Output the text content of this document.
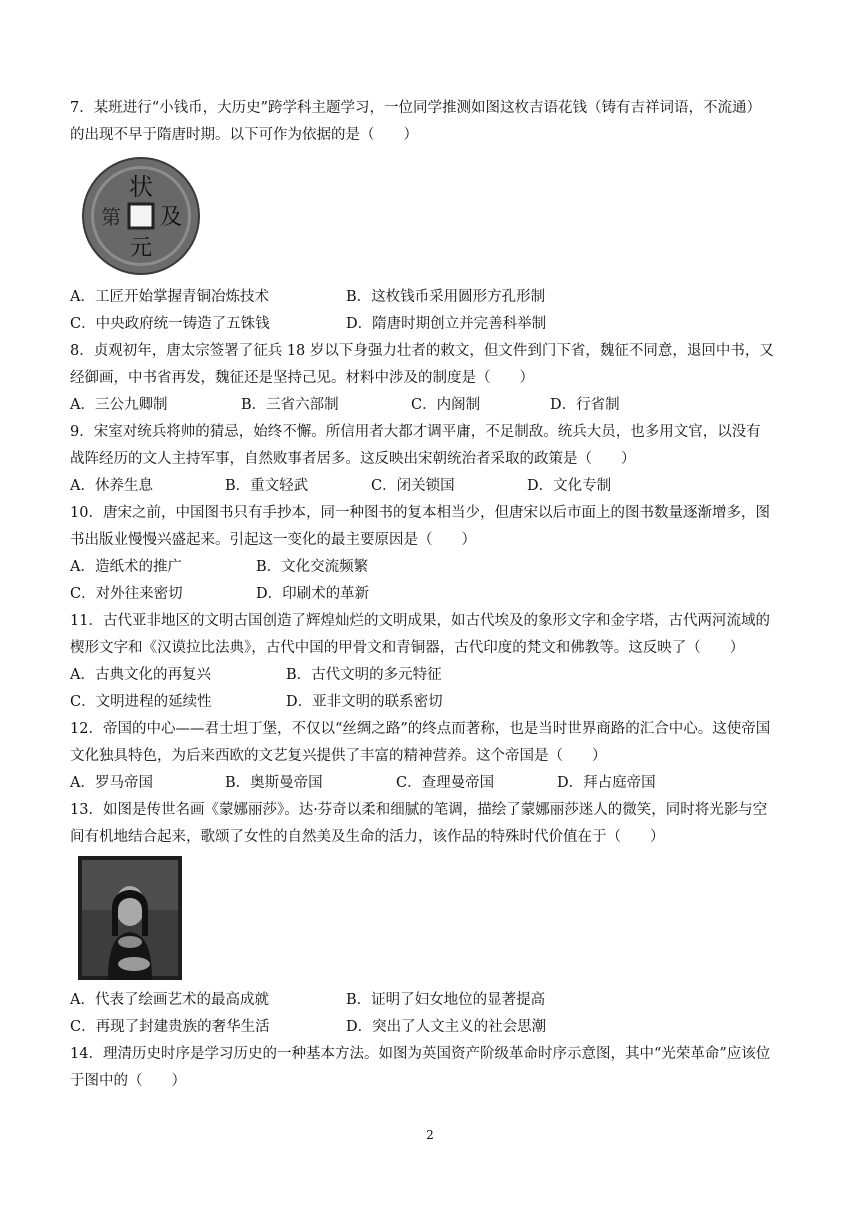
7．某班进行“小钱币，大历史”跨学科主题学习，一位同学推测如图这枚吉语花钱（铸有吉祥词语，不流通）
的出现不早于隋唐时期。以下可作为依据的是（　　）
状
元
及
第
A．工匠开始掌握青铜冶炼技术	B．这枚钱币采用圆形方孔形制
C．中央政府统一铸造了五铢钱	D．隋唐时期创立并完善科举制
8．贞观初年，唐太宗签署了征兵 18 岁以下身强力壮者的敕文，但文件到门下省，魏征不同意，退回中书，又
经御画，中书省再发，魏征还是坚持己见。材料中涉及的制度是（　　）
A．三公九卿制	B．三省六部制	C．内阁制	D．行省制
9．宋室对统兵将帅的猜忌，始终不懈。所信用者大都才调平庸，不足制敌。统兵大员，也多用文官，以没有
战阵经历的文人主持军事，自然败事者居多。这反映出宋朝统治者采取的政策是（　　）
A．休养生息	B．重文轻武	C．闭关锁国	D．文化专制
10．唐宋之前，中国图书只有手抄本，同一种图书的复本相当少，但唐宋以后市面上的图书数量逐渐增多，图
书出版业慢慢兴盛起来。引起这一变化的最主要原因是（　　）
A．造纸术的推广	B．文化交流频繁
C．对外往来密切	D．印刷术的革新
11．古代亚非地区的文明古国创造了辉煌灿烂的文明成果，如古代埃及的象形文字和金字塔，古代两河流域的
楔形文字和《汉谟拉比法典》，古代中国的甲骨文和青铜器，古代印度的梵文和佛教等。这反映了（　　）
A．古典文化的再复兴	B．古代文明的多元特征
C．文明进程的延续性	D．亚非文明的联系密切
12．帝国的中心——君士坦丁堡，不仅以“丝绸之路”的终点而著称，也是当时世界商路的汇合中心。这使帝国
文化独具特色，为后来西欧的文艺复兴提供了丰富的精神营养。这个帝国是（　　）
A．罗马帝国	B．奥斯曼帝国	C．查理曼帝国	D．拜占庭帝国
13．如图是传世名画《蒙娜丽莎》。达·芬奇以柔和细腻的笔调，描绘了蒙娜丽莎迷人的微笑，同时将光影与空
间有机地结合起来，歌颂了女性的自然美及生命的活力，该作品的特殊时代价值在于（　　）
A．代表了绘画艺术的最高成就	B．证明了妇女地位的显著提高
C．再现了封建贵族的奢华生活	D．突出了人文主义的社会思潮
14．理清历史时序是学习历史的一种基本方法。如图为英国资产阶级革命时序示意图，其中“光荣革命”应该位
于图中的（　　）
2
